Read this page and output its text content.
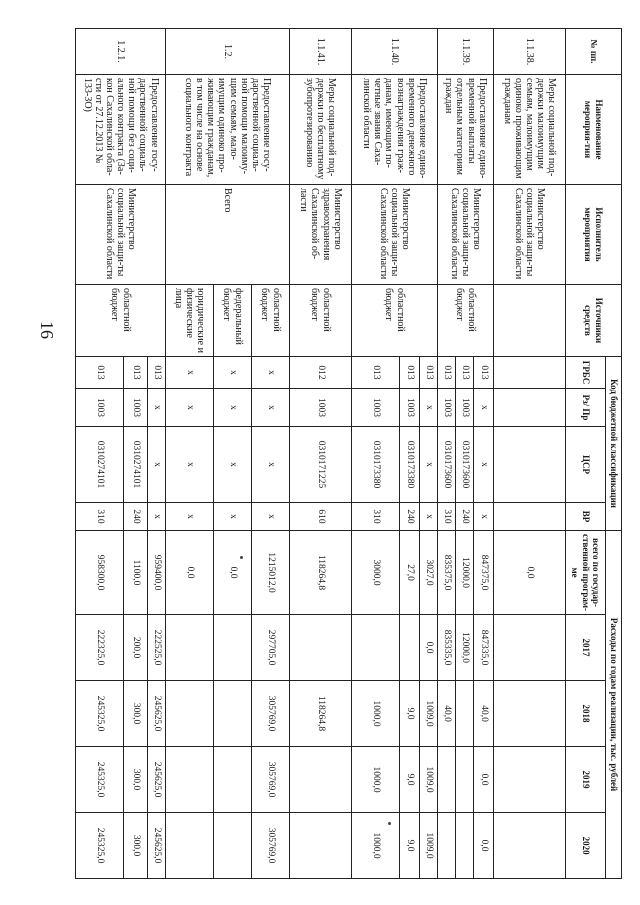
16
№ пп.	Наименование мероприя-тия	Исполнитель мероприятия	Источники средств	Код бюджетной классификации				Расходы по годам реализации, тыс. рублей				
				ГРБС	Рз/ Пр	ЦСР	ВР	всего по государ-ственной програм-ме	2017	2018	2019	2020
1.1.38.	Меры социальной под-держки малоимущим семьям, малоимущим одиноко проживающим гражданам	Министерство социальной защи-ты Сахалинской области						0,0				
1.1.39.	Предоставление едино-временной выплаты отдельным категориям граждан	Министерство социальной защи-ты Сахалинской области	областной бюджет	013	х	х	х	847375,0	847335,0	40,0	0,0	0,0
				013	1003	0310173600	240	12000,0	12000,0			
				013	1003	0310173600	310	835375,0	835335,0	40,0		
1.1.40.	Предоставление едино-временного денежного вознаграждения граж-данам, имеющим по-четные звания Саха-линской области	Министерство социальной защи-ты Сахалинской области	областной бюджет	013	х	х	х	3027,0	0,0	1009,0	1009,0	1009,0
				013	1003	0310173380	240	27,0		9,0	9,0	9,0
				013	1003	0310173380	310	3000,0		1000,0	1000,0	1000,0
1.1.41.	Меры социальной под-держки по бесплатному зубопротезированию	Министерство здравоохранения Сахалинской об-ласти	областной бюджет	012	1003	0310171225	610	118264,8		118264,8		
1.2.	Предоставление госу-дарственной социаль-ной помощи малоиму-щим семьям, мало-имущим одиноко про-живающим гражданам, в том числе на основе социального контракта	Всего	областной бюджет	х	х	х	х	1215012,0	297705,0	305769,0	305769,0	305769,0
			федеральный бюджет	х	х	х	х	0,0				
			юридические и физические лица	х	х	х	х	0,0				
1.2.1.	Предоставление госу-дарственной социаль-ной помощи без соци-ального контракта (За-кон Сахалинской обла-сти от 27.12.2013 № 133-ЗО)	Министерство социальной защи-ты Сахалинской области	областной бюджет	013	х	х	х	959400,0	222525,0	245625,0	245625,0	245625,0
				013	1003	0310274101	240	1100,0	200,0	300,0	300,0	300,0
				013	1003	0310274101	310	958300,0	222325,0	245325,0	245325,0	245325,0
